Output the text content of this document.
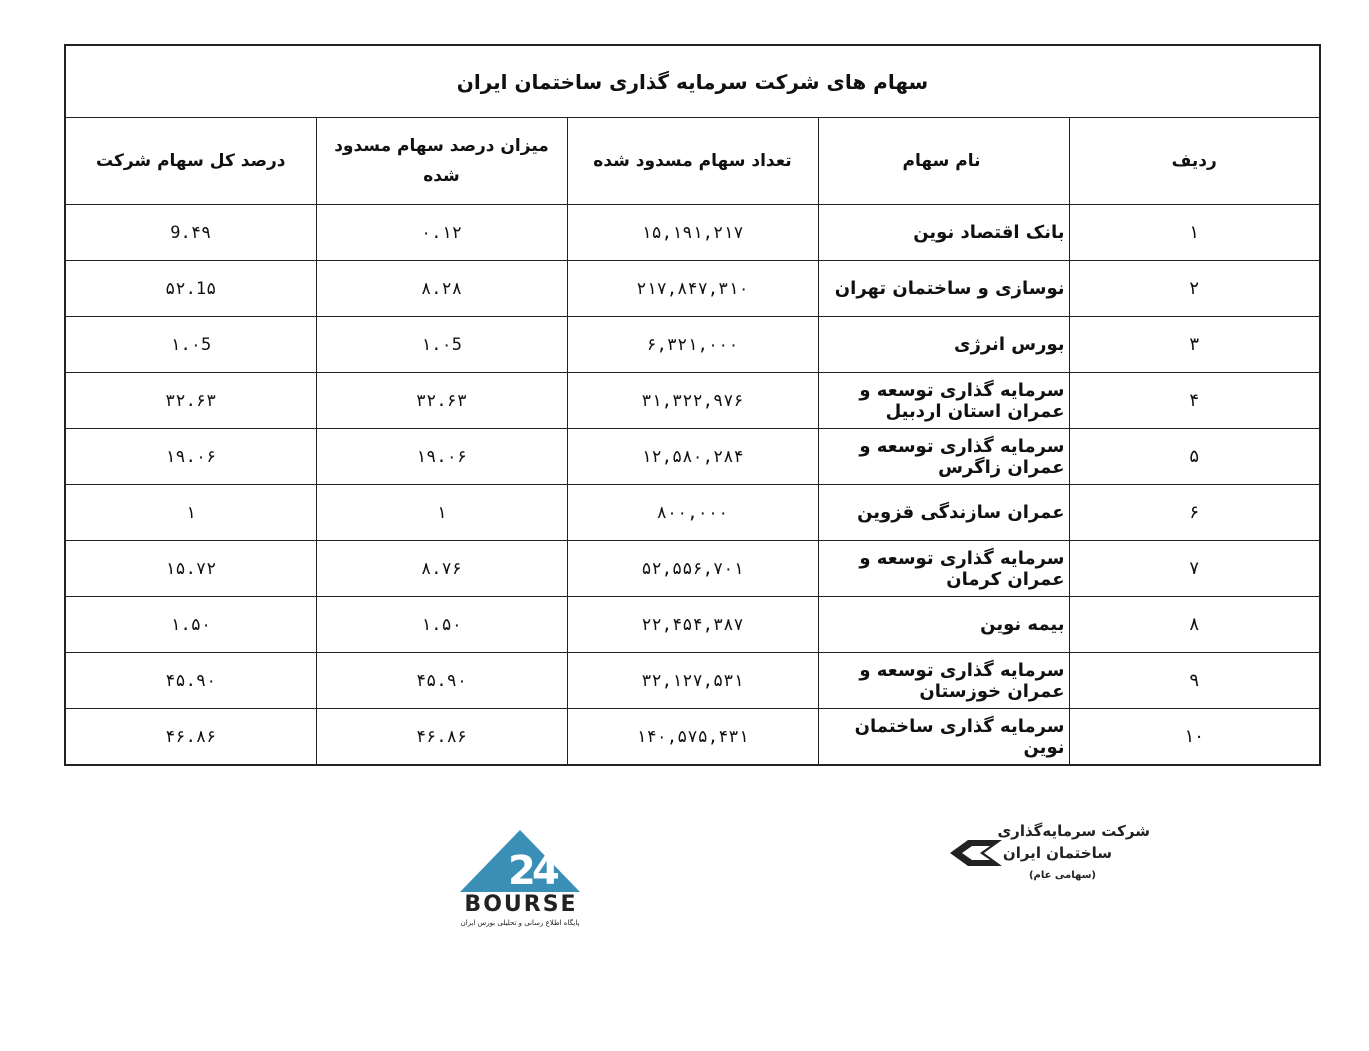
سهام های شرکت سرمایه گذاری ساختمان ایران				
ردیف	نام سهام	تعداد سهام مسدود شده	میزان درصد سهام مسدود شده	درصد کل سهام شرکت
۱	بانک اقتصاد نوین	۱۵,۱۹۱,۲۱۷	۰.۱۲	9.۴۹
۲	نوسازی و ساختمان تهران	۲۱۷,۸۴۷,۳۱۰	۸.۲۸	۵۲.1۵
۳	بورس انرژی	۶,۳۲۱,۰۰۰	۱.۰5	۱.۰5
۴	سرمایه گذاری توسعه و عمران استان اردبیل	۳۱,۳۲۲,۹۷۶	۳۲.۶۳	۳۲.۶۳
۵	سرمایه گذاری توسعه و عمران زاگرس	۱۲,۵۸۰,۲۸۴	۱۹.۰۶	۱۹.۰۶
۶	عمران سازندگی قزوین	۸۰۰,۰۰۰	۱	۱
۷	سرمایه گذاری توسعه و عمران کرمان	۵۲,۵۵۶,۷۰۱	۸.۷۶	۱۵.۷۲
۸	بیمه نوین	۲۲,۴۵۴,۳۸۷	۱.۵۰	۱.۵۰
۹	سرمایه گذاری توسعه و عمران خوزستان	۳۲,۱۲۷,۵۳۱	۴۵.۹۰	۴۵.۹۰
۱۰	سرمایه گذاری ساختمان نوین	۱۴۰,۵۷۵,۴۳۱	۴۶.۸۶	۴۶.۸۶
2
4
BOURSE
پایگاه اطلاع رسانی و تحلیلی بورس ایران
شرکت سرمایه‌گذاری
ساختمان ایران
(سهامی عام)
